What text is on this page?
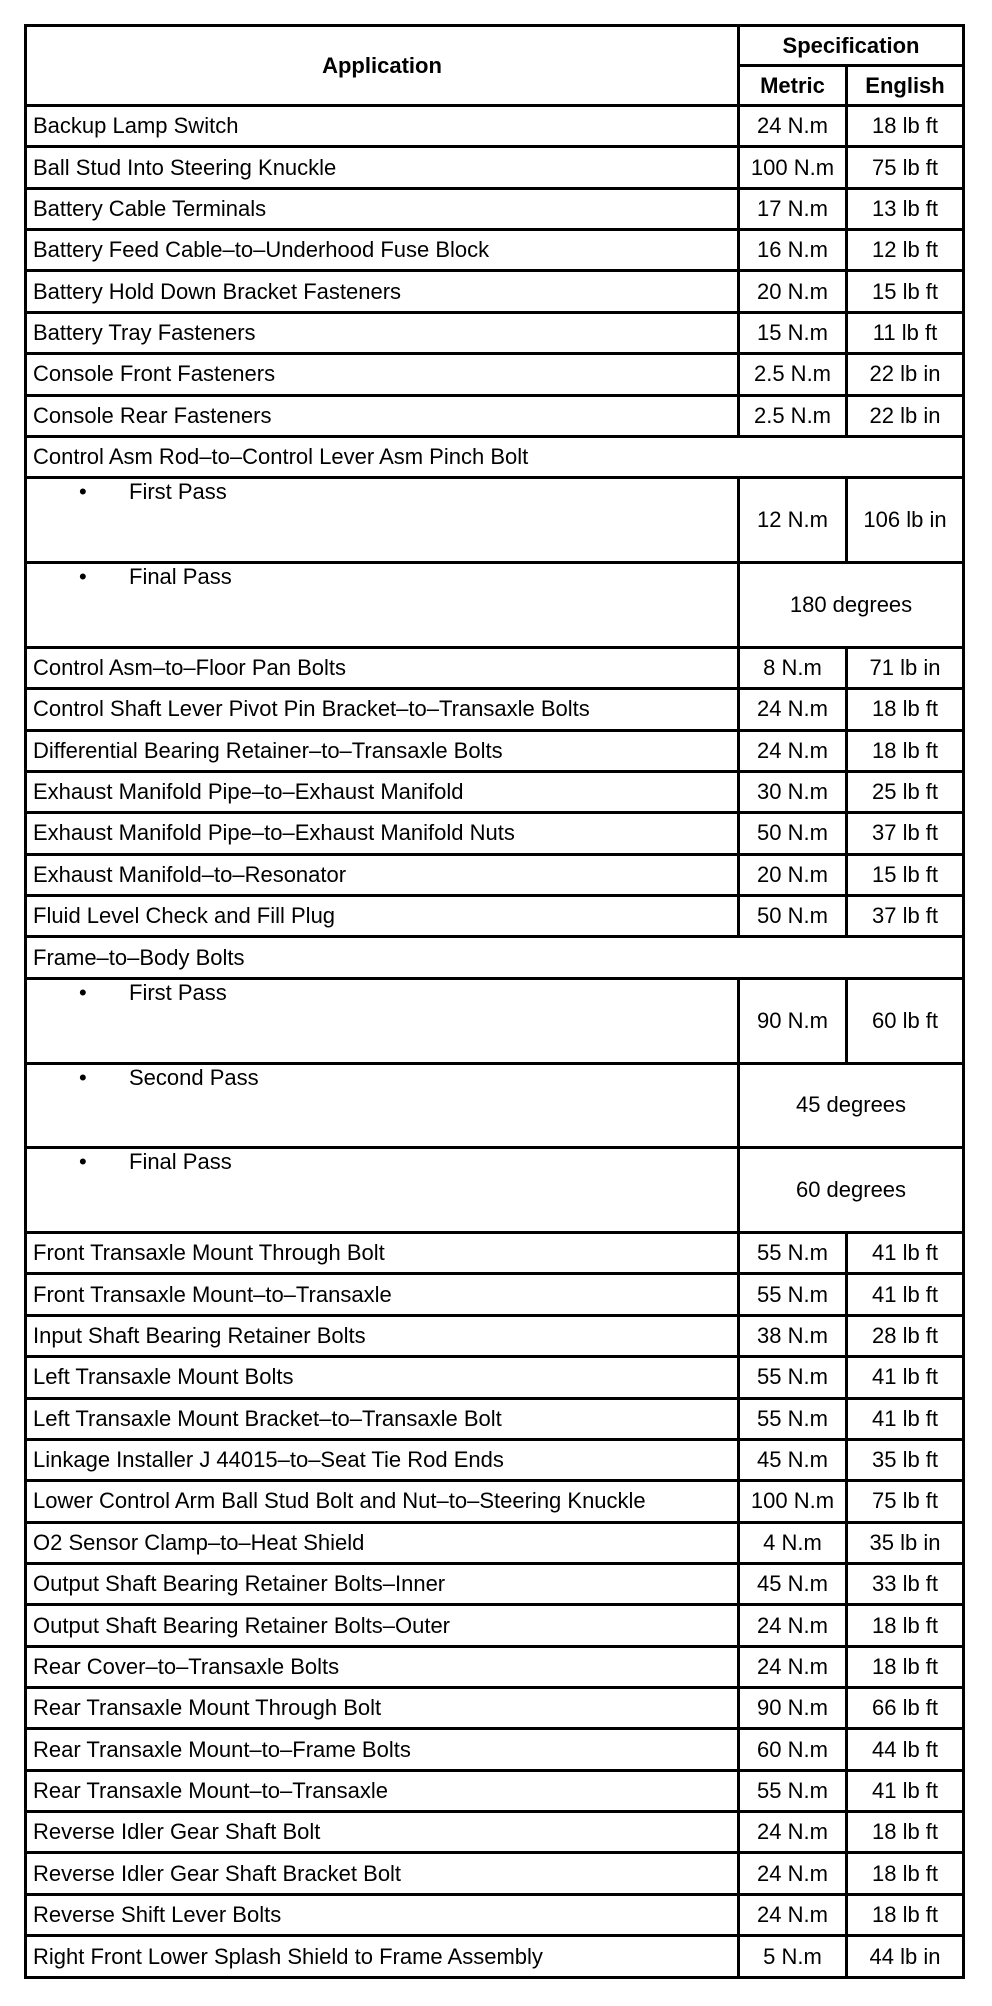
Application	Specification	
	Metric	English
Backup Lamp Switch	24 N.m	18 lb ft
Ball Stud Into Steering Knuckle	100 N.m	75 lb ft
Battery Cable Terminals	17 N.m	13 lb ft
Battery Feed Cable–to–Underhood Fuse Block	16 N.m	12 lb ft
Battery Hold Down Bracket Fasteners	20 N.m	15 lb ft
Battery Tray Fasteners	15 N.m	11 lb ft
Console Front Fasteners	2.5 N.m	22 lb in
Console Rear Fasteners	2.5 N.m	22 lb in
Control Asm Rod–to–Control Lever Asm Pinch Bolt		
• First Pass	12 N.m	106 lb in
• Final Pass	180 degrees	
Control Asm–to–Floor Pan Bolts	8 N.m	71 lb in
Control Shaft Lever Pivot Pin Bracket–to–Transaxle Bolts	24 N.m	18 lb ft
Differential Bearing Retainer–to–Transaxle Bolts	24 N.m	18 lb ft
Exhaust Manifold Pipe–to–Exhaust Manifold	30 N.m	25 lb ft
Exhaust Manifold Pipe–to–Exhaust Manifold Nuts	50 N.m	37 lb ft
Exhaust Manifold–to–Resonator	20 N.m	15 lb ft
Fluid Level Check and Fill Plug	50 N.m	37 lb ft
Frame–to–Body Bolts		
• First Pass	90 N.m	60 lb ft
• Second Pass	45 degrees	
• Final Pass	60 degrees	
Front Transaxle Mount Through Bolt	55 N.m	41 lb ft
Front Transaxle Mount–to–Transaxle	55 N.m	41 lb ft
Input Shaft Bearing Retainer Bolts	38 N.m	28 lb ft
Left Transaxle Mount Bolts	55 N.m	41 lb ft
Left Transaxle Mount Bracket–to–Transaxle Bolt	55 N.m	41 lb ft
Linkage Installer J 44015–to–Seat Tie Rod Ends	45 N.m	35 lb ft
Lower Control Arm Ball Stud Bolt and Nut–to–Steering Knuckle	100 N.m	75 lb ft
O2 Sensor Clamp–to–Heat Shield	4 N.m	35 lb in
Output Shaft Bearing Retainer Bolts–Inner	45 N.m	33 lb ft
Output Shaft Bearing Retainer Bolts–Outer	24 N.m	18 lb ft
Rear Cover–to–Transaxle Bolts	24 N.m	18 lb ft
Rear Transaxle Mount Through Bolt	90 N.m	66 lb ft
Rear Transaxle Mount–to–Frame Bolts	60 N.m	44 lb ft
Rear Transaxle Mount–to–Transaxle	55 N.m	41 lb ft
Reverse Idler Gear Shaft Bolt	24 N.m	18 lb ft
Reverse Idler Gear Shaft Bracket Bolt	24 N.m	18 lb ft
Reverse Shift Lever Bolts	24 N.m	18 lb ft
Right Front Lower Splash Shield to Frame Assembly	5 N.m	44 lb in
